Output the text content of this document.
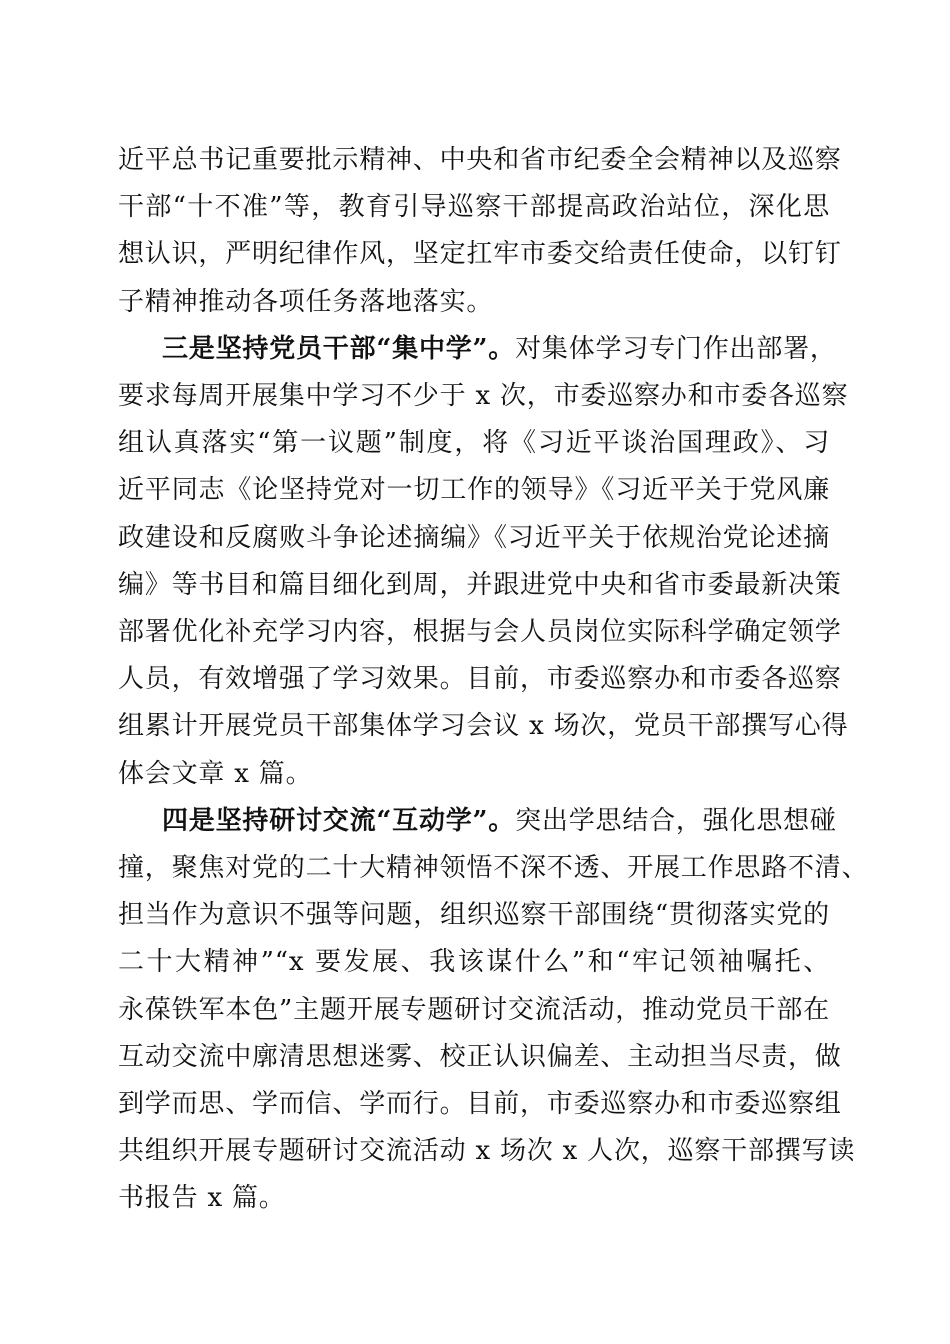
近平总书记重要批示精神、中央和省市纪委全会精神以及巡察
干部“十不准”等，教育引导巡察干部提高政治站位，深化思
想认识，严明纪律作风，坚定扛牢市委交给责任使命，以钉钉
子精神推动各项任务落地落实。
三是坚持党员干部“集中学”。对集体学习专门作出部署，
要求每周开展集中学习不少于 x 次，市委巡察办和市委各巡察
组认真落实“第一议题”制度，将《习近平谈治国理政》、习
近平同志《论坚持党对一切工作的领导》《习近平关于党风廉
政建设和反腐败斗争论述摘编》《习近平关于依规治党论述摘
编》等书目和篇目细化到周，并跟进党中央和省市委最新决策
部署优化补充学习内容，根据与会人员岗位实际科学确定领学
人员，有效增强了学习效果。目前，市委巡察办和市委各巡察
组累计开展党员干部集体学习会议 x 场次，党员干部撰写心得
体会文章 x 篇。
四是坚持研讨交流“互动学”。突出学思结合，强化思想碰
撞，聚焦对党的二十大精神领悟不深不透、开展工作思路不清、
担当作为意识不强等问题，组织巡察干部围绕“贯彻落实党的
二十大精神”“x 要发展、我该谋什么”和“牢记领袖嘱托、
永葆铁军本色”主题开展专题研讨交流活动，推动党员干部在
互动交流中廓清思想迷雾、校正认识偏差、主动担当尽责，做
到学而思、学而信、学而行。目前，市委巡察办和市委巡察组
共组织开展专题研讨交流活动 x 场次 x 人次，巡察干部撰写读
书报告 x 篇。
